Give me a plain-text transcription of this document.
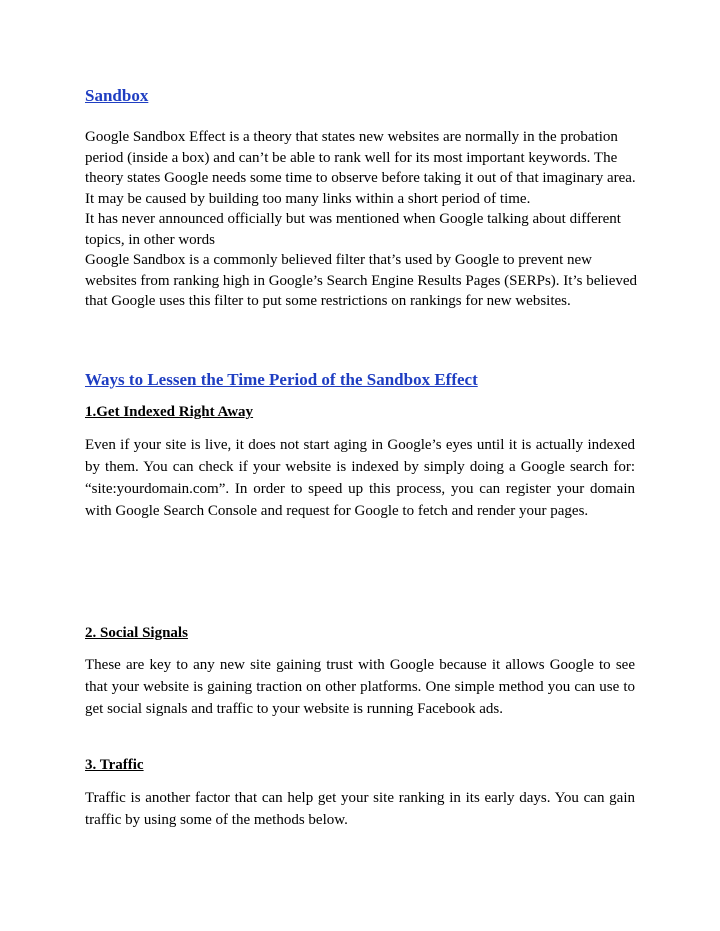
Sandbox

Google Sandbox Effect is a theory that states new websites are normally in the probation period (inside a box) and can’t be able to rank well for its most important keywords. The theory states Google needs some time to observe before taking it out of that imaginary area. It may be caused by building too many links within a short period of time.

It has never announced officially but was mentioned when Google talking about different topics, in other words

Google Sandbox is a commonly believed filter that’s used by Google to prevent new websites from ranking high in Google’s Search Engine Results Pages (SERPs). It’s believed that Google uses this filter to put some restrictions on rankings for new websites.

Ways to Lessen the Time Period of the Sandbox Effect
1.Get Indexed Right Away

Even if your site is live, it does not start aging in Google’s eyes until it is actually indexed by them. You can check if your website is indexed by simply doing a Google search for: “site:yourdomain.com”. In order to speed up this process, you can register your domain with Google Search Console and request for Google to fetch and render your pages.

2. Social Signals

These are key to any new site gaining trust with Google because it allows Google to see that your website is gaining traction on other platforms. One simple method you can use to get social signals and traffic to your website is running Facebook ads.

3. Traffic

Traffic is another factor that can help get your site ranking in its early days. You can gain traffic by using some of the methods below.
